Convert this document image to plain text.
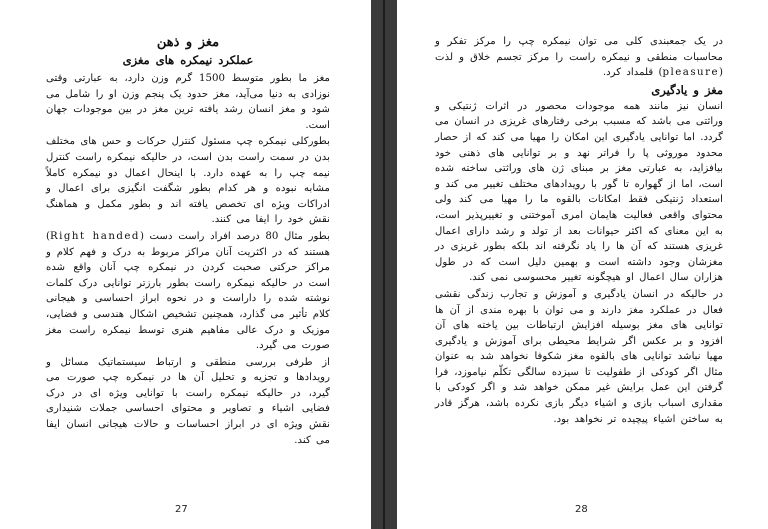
مغز و ذهن

عملکرد نیمکره های مغزی

مغز ما بطور متوسط 1500 گرم وزن دارد، به عبارتی وقتی نوزادی به دنیا می‌آید، مغز حدود یک پنجم وزن او را شامل می شود و مغز انسان رشد یافته ترین مغز در بین موجودات جهان است.

بطورکلی نیمکره چپ مسئول کنترل حرکات و حس های مختلف بدن در سمت راست بدن است، در حالیکه نیمکره راست کنترل نیمه چپ را به عهده دارد. با اینحال اعمال دو نیمکره کاملاً مشابه نبوده و هر کدام بطور شگفت انگیزی برای اعمال و ادراکات ویژه ای تخصص یافته اند و بطور مکمل و هماهنگ نقش خود را ایفا می کنند.

بطور مثال 80 درصد افراد راست دست (Right handed) هستند که در اکثریت آنان مراکز مربوط به درک و فهم کلام و مراکز حرکتی صحبت کردن در نیمکره چپ آنان واقع شده است در حالیکه نیمکره راست بطور بارزتر توانایی درک کلمات نوشته شده را داراست و در نحوه ابراز احساسی و هیجانی کلام تأثیر می گذارد، همچنین تشخیص اشکال هندسی و فضایی، موزیک و درک عالی مفاهیم هنری توسط نیمکره راست مغز صورت می گیرد.

از طرفی بررسی منطقی و ارتباط سیستماتیک مسائل و رویدادها و تجزیه و تحلیل آن ها در نیمکره چپ صورت می گیرد، در حالیکه نیمکره راست با توانایی ویژه ای در درک فضایی اشیاء و تصاویر و محتوای احساسی جملات شنیداری نقش ویژه ای در ابراز احساسات و حالات هیجانی انسان ایفا می کند.

27

در یک جمعبندی کلی می توان نیمکره چپ را مرکز تفکر و محاسبات منطقی و نیمکره راست را مرکز تجسم خلاق و لذت (pleasure) قلمداد کرد.

مغز و یادگیری

انسان نیز مانند همه موجودات محصور در اثرات ژنتیکی و وراثتی می باشد که مسبب برخی رفتارهای غریزی در انسان می گردد. اما توانایی یادگیری این امکان را مهیا می کند که از حصار محدود موروثی پا را فراتر نهد و بر توانایی های ذهنی خود بیافزاید، به عبارتی مغز بر مبنای ژن های وراثتی ساخته شده است، اما از گهواره تا گور با رویدادهای مختلف تغییر می کند و استعداد ژنتیکی فقط امکانات بالقوه ما را مهیا می کند ولی محتوای واقعی فعالیت هایمان امری آموختنی و تغییرپذیر است، به این معنای که اکثر حیوانات بعد از تولد و رشد دارای اعمال غریزی هستند که آن ها را یاد نگرفته اند بلکه بطور غریزی در مغزشان وجود داشته است و بهمین دلیل است که در طول هزاران سال اعمال او هیچگونه تغییر محسوسی نمی کند.

در حالیکه در انسان یادگیری و آموزش و تجارب زندگی نقشی فعال در عملکرد مغز دارند و می توان با بهره مندی از آن ها توانایی های مغز بوسیله افزایش ارتباطات بین یاخته های آن افزود و بر عکس اگر شرایط محیطی برای آموزش و یادگیری مهیا نباشد توانایی های بالقوه مغز شکوفا نخواهد شد به عنوان مثال اگر کودکی از طفولیت تا سیزده سالگی تکلّم نیاموزد، فرا گرفتن این عمل برایش غیر ممکن خواهد شد و اگر کودکی با مقداری اسباب بازی و اشیاء دیگر بازی نکرده باشد، هرگز قادر به ساختن اشیاء پیچیده تر نخواهد بود.

28
